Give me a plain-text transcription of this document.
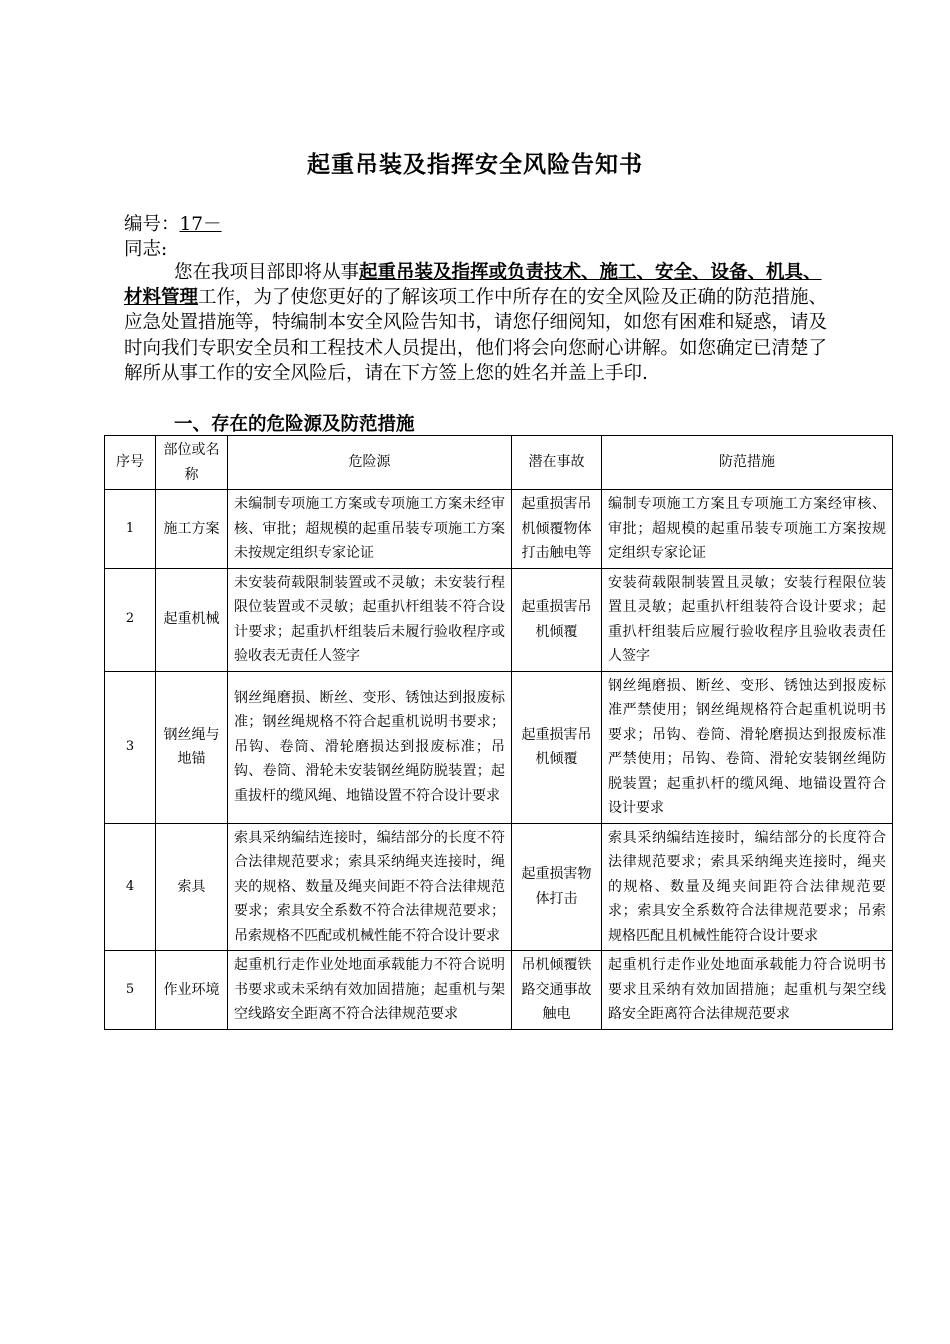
起重吊装及指挥安全风险告知书
编号：17－
同志:
您在我项目部即将从事起重吊装及指挥或负责技术、施工、安全、设备、机具、材料管理工作，为了使您更好的了解该项工作中所存在的安全风险及正确的防范措施、应急处置措施等，特编制本安全风险告知书，请您仔细阅知，如您有困难和疑惑，请及时向我们专职安全员和工程技术人员提出，他们将会向您耐心讲解。如您确定已清楚了解所从事工作的安全风险后，请在下方签上您的姓名并盖上手印.
一、存在的危险源及防范措施
序号	部位或名称	危险源	潜在事故	防范措施
1	施工方案	未编制专项施工方案或专项施工方案未经审核、审批；超规模的起重吊装专项施工方案未按规定组织专家论证	起重损害吊机倾覆物体打击触电等	编制专项施工方案且专项施工方案经审核、审批；超规模的起重吊装专项施工方案按规定组织专家论证
2	起重机械	未安装荷载限制装置或不灵敏；未安装行程限位装置或不灵敏；起重扒杆组装不符合设计要求；起重扒杆组装后未履行验收程序或验收表无责任人签字	起重损害吊机倾覆	安装荷载限制装置且灵敏；安装行程限位装置且灵敏；起重扒杆组装符合设计要求；起重扒杆组装后应履行验收程序且验收表责任人签字
3	钢丝绳与地锚	钢丝绳磨损、断丝、变形、锈蚀达到报废标准；钢丝绳规格不符合起重机说明书要求；吊钩、卷筒、滑轮磨损达到报废标准；吊钩、卷筒、滑轮未安装钢丝绳防脱装置；起重拔杆的缆风绳、地锚设置不符合设计要求	起重损害吊机倾覆	钢丝绳磨损、断丝、变形、锈蚀达到报废标准严禁使用；钢丝绳规格符合起重机说明书要求；吊钩、卷筒、滑轮磨损达到报废标准严禁使用；吊钩、卷筒、滑轮安装钢丝绳防脱装置；起重扒杆的缆风绳、地锚设置符合设计要求
4	索具	索具采纳编结连接时，编结部分的长度不符合法律规范要求；索具采纳绳夹连接时，绳夹的规格、数量及绳夹间距不符合法律规范要求；索具安全系数不符合法律规范要求；吊索规格不匹配或机械性能不符合设计要求	起重损害物体打击	索具采纳编结连接时，编结部分的长度符合法律规范要求；索具采纳绳夹连接时，绳夹的规格、数量及绳夹间距符合法律规范要求；索具安全系数符合法律规范要求；吊索规格匹配且机械性能符合设计要求
5	作业环境	起重机行走作业处地面承载能力不符合说明书要求或未采纳有效加固措施；起重机与架空线路安全距离不符合法律规范要求	吊机倾覆铁路交通事故触电	起重机行走作业处地面承载能力符合说明书要求且采纳有效加固措施；起重机与架空线路安全距离符合法律规范要求
